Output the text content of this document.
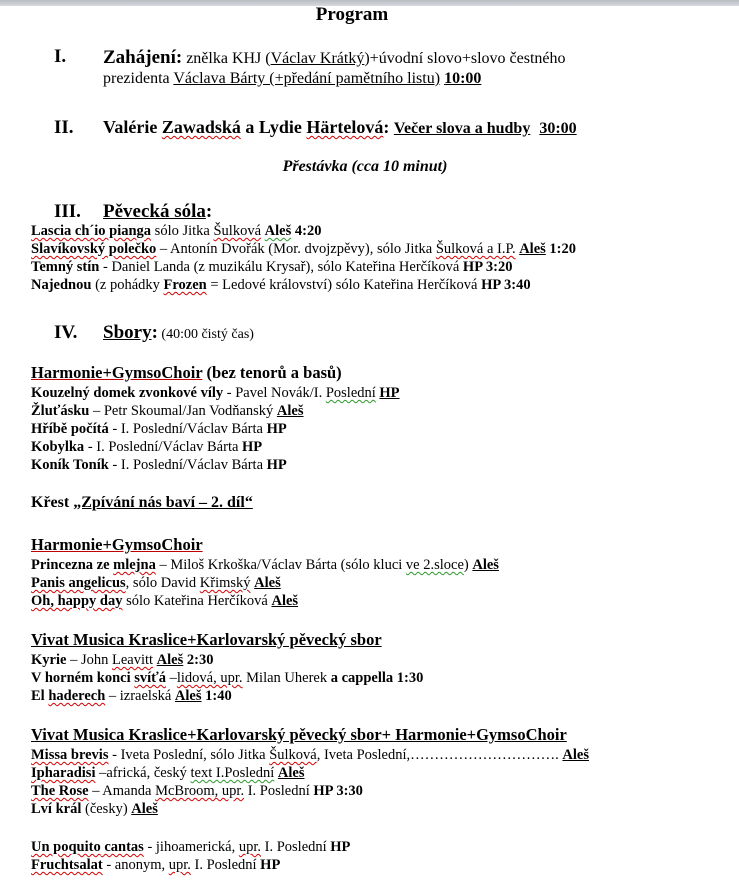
Program
I. Zahájení: znělka KHJ (Václav Krátký)+úvodní slovo+slovo čestného
prezidenta Václava Bárty (+předání pamětního listu) 10:00
II. Valérie Zawadská a Lydie Härtelová: Večer slova a hudby 30:00
Přestávka (cca 10 minut)
III. Pěvecká sóla:
Lascia ch´io pianga sólo Jitka Šulková Aleš 4:20
Slavíkovský polečko – Antonín Dvořák (Mor. dvojzpěvy), sólo Jitka Šulková a I.P. Aleš 1:20
Temný stín - Daniel Landa (z muzikálu Krysař), sólo Kateřina Herčíková HP 3:20
Najednou (z pohádky Frozen = Ledové království) sólo Kateřina Herčíková HP 3:40
IV. Sbory: (40:00 čistý čas)
Harmonie+GymsoChoir (bez tenorů a basů)
Kouzelný domek zvonkové víly - Pavel Novák/I. Poslední HP
Žluťásku – Petr Skoumal/Jan Vodňanský Aleš
Hříbě počítá - I. Poslední/Václav Bárta HP
Kobylka - I. Poslední/Václav Bárta HP
Koník Toník - I. Poslední/Václav Bárta HP
Křest „Zpívání nás baví – 2. díl“
Harmonie+GymsoChoir
Princezna ze mlejna – Miloš Krkoška/Václav Bárta (sólo kluci ve 2.sloce) Aleš
Panis angelicus, sólo David Křimský Aleš
Oh, happy day sólo Kateřina Herčíková Aleš
Vivat Musica Kraslice+Karlovarský pěvecký sbor
Kyrie – John Leavitt Aleš 2:30
V horném konci svíťá –lidová, upr. Milan Uherek a cappella 1:30
El haderech – izraelská Aleš 1:40
Vivat Musica Kraslice+Karlovarský pěvecký sbor+ Harmonie+GymsoChoir
Missa brevis - Iveta Poslední, sólo Jitka Šulková, Iveta Poslední,…………………………. Aleš
Ipharadisi –africká, český text I.Poslední Aleš
The Rose – Amanda McBroom, upr. I. Poslední HP 3:30
Lví král (česky) Aleš
Un poquito cantas - jihoamerická, upr. I. Poslední HP
Fruchtsalat - anonym, upr. I. Poslední HP
